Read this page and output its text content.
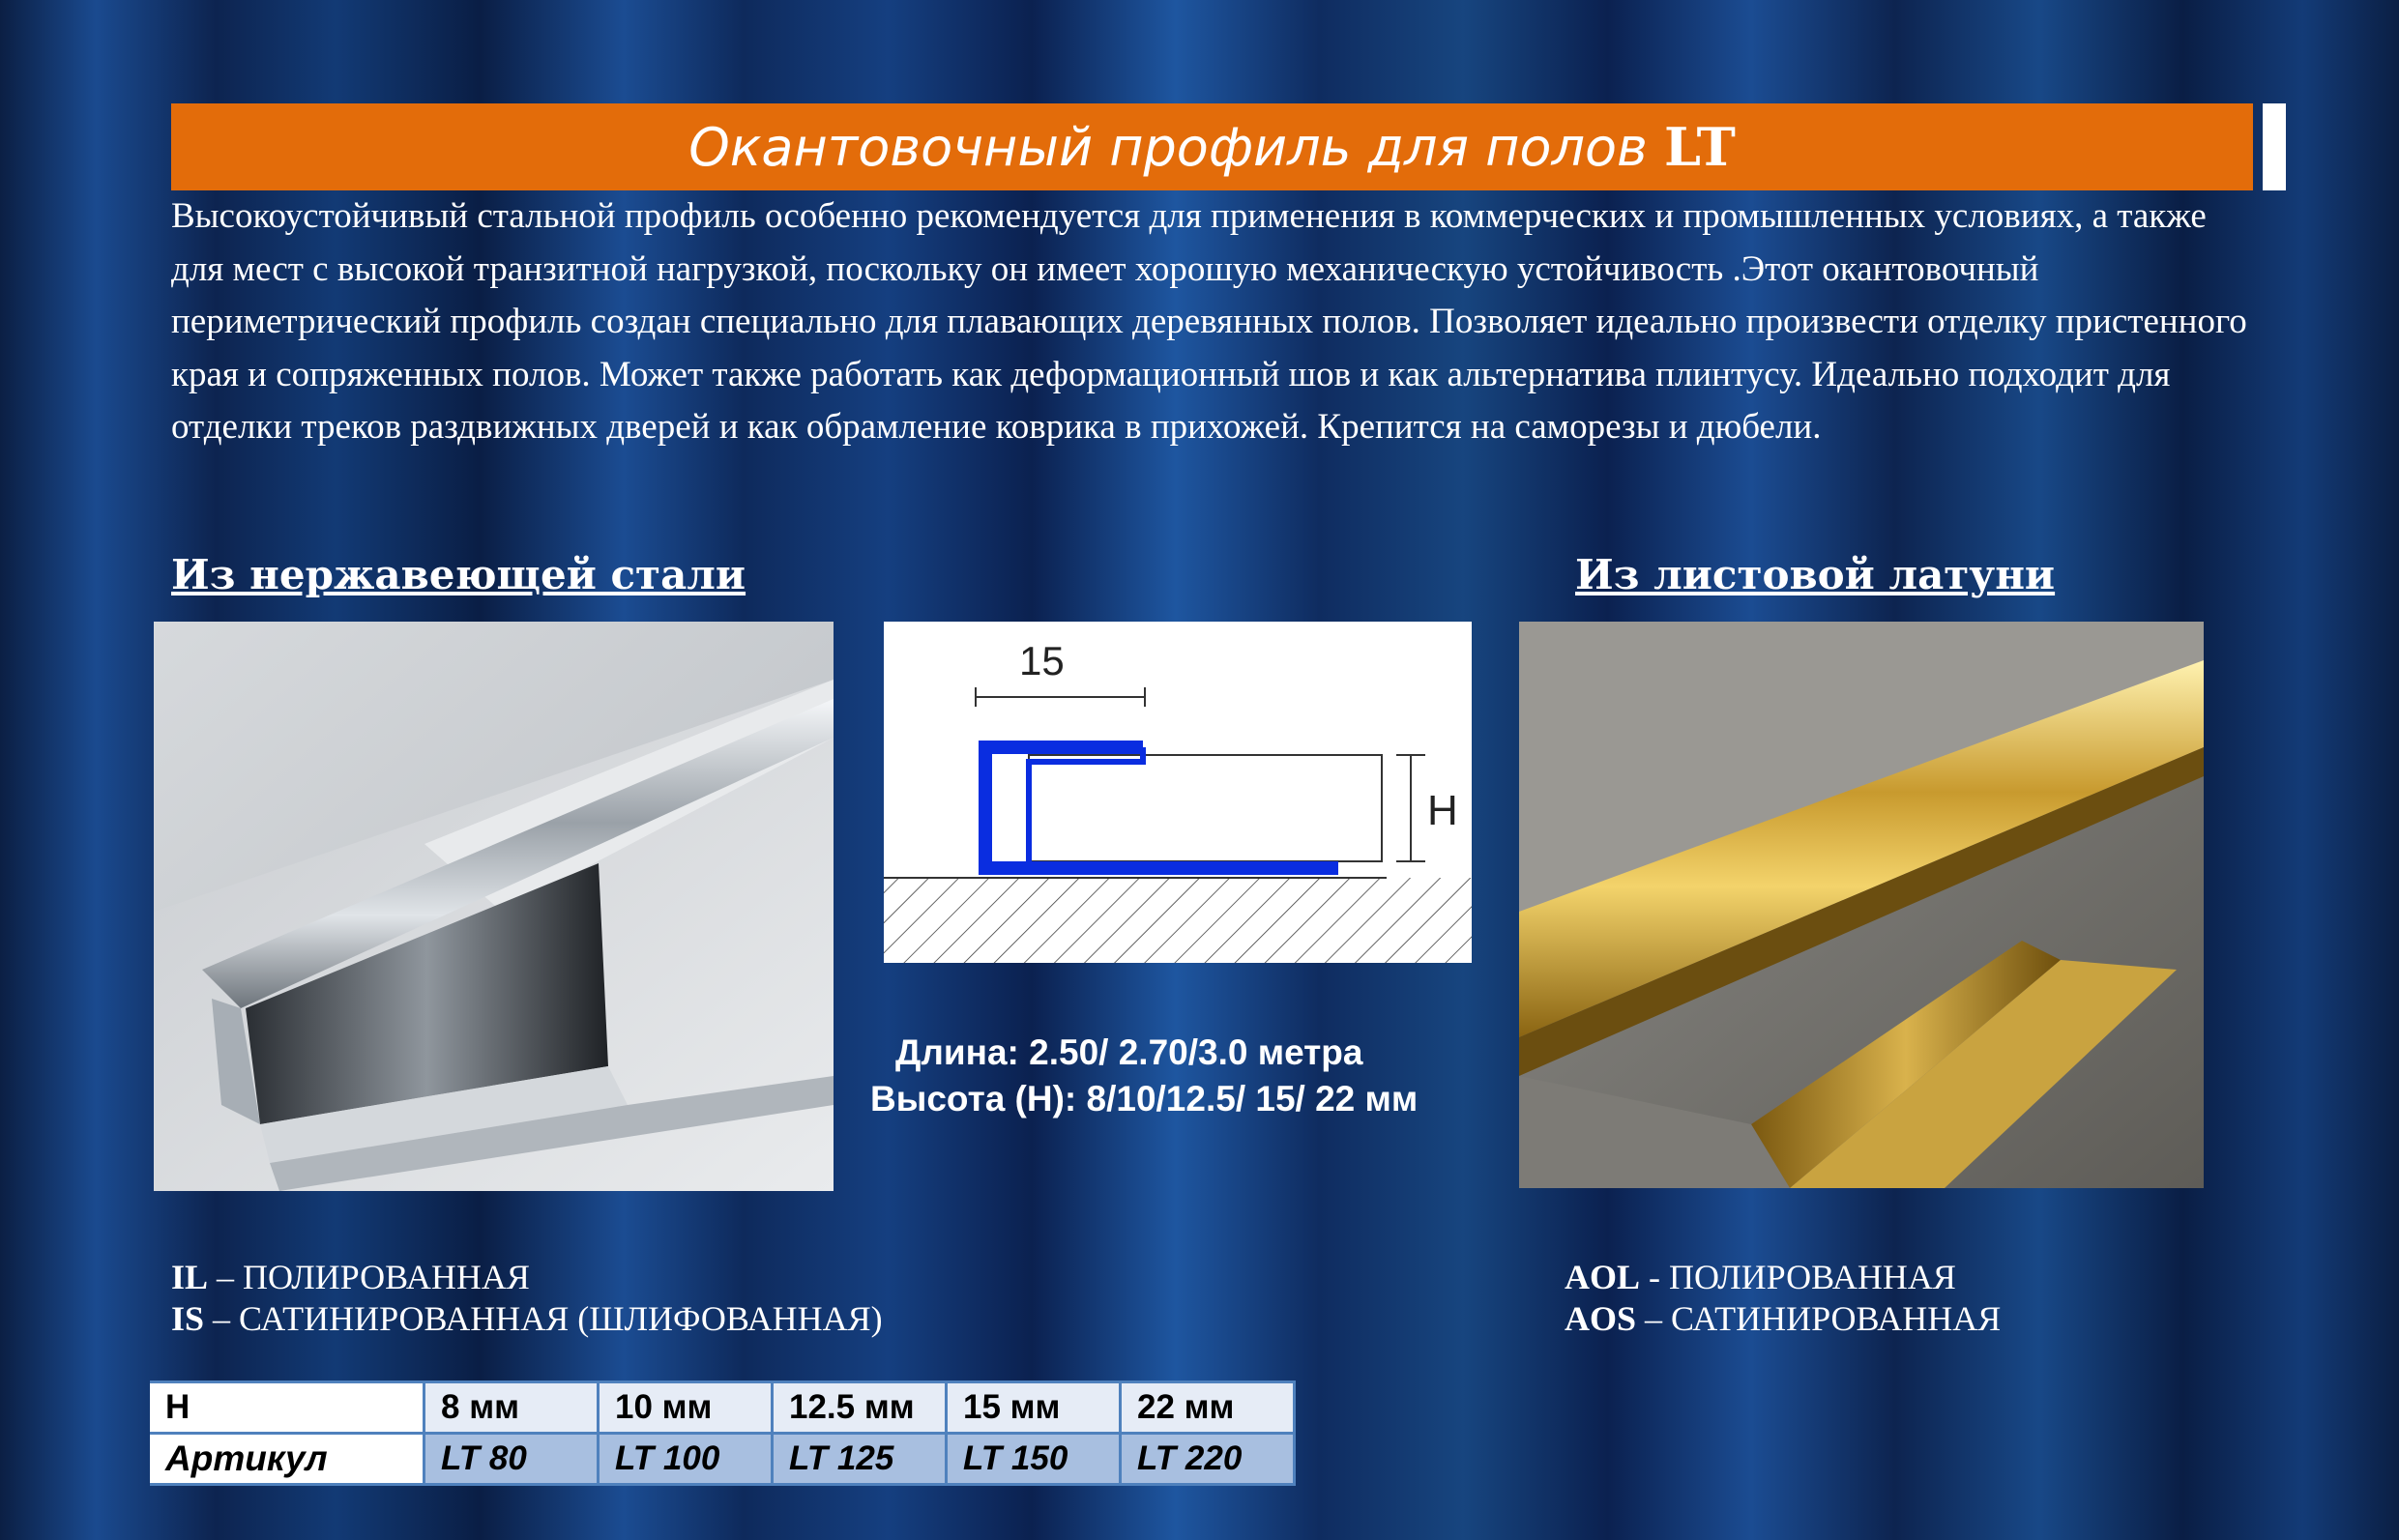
Окантовочный профиль для полов LT

Высокоустойчивый стальной профиль особенно рекомендуется для применения в коммерческих и промышленных условиях, а также для мест с высокой транзитной нагрузкой, поскольку он имеет хорошую механическую устойчивость .Этот окантовочный периметрический профиль создан специально для плавающих деревянных полов. Позволяет идеально произвести отделку пристенного края и сопряженных полов. Может также работать как деформационный шов и как альтернатива плинтусу. Идеально подходит для отделки треков раздвижных дверей и как обрамление коврика в прихожей. Крепится на саморезы и дюбели.

Из нержавеющей стали	Из листовой латуни
15
H
Длина: 2.50/ 2.70/3.0 метра
Высота (H): 8/10/12.5/ 15/ 22 мм
IL – ПОЛИРОВАННАЯ
IS – САТИНИРОВАННАЯ (ШЛИФОВАННАЯ)
AOL - ПОЛИРОВАННАЯ
AOS – САТИНИРОВАННАЯ
H	8 мм	10 мм	12.5 мм	15 мм	22 мм
Артикул	LT 80	LT 100	LT 125	LT 150	LT 220
